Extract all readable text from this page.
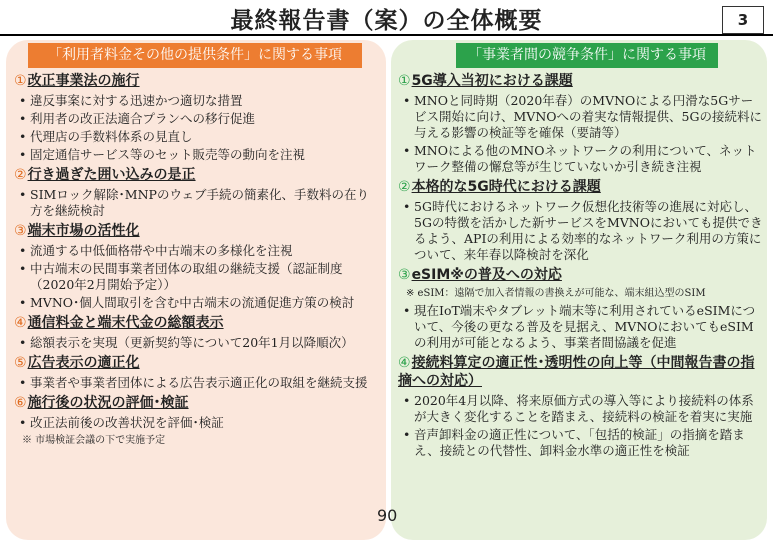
最終報告書（案）の全体概要	3
「利用者料金その他の提供条件」に関する事項	「事業者間の競争条件」に関する事項
①改正事業法の施行
• 違反事案に対する迅速かつ適切な措置
• 利用者の改正法適合プランへの移行促進
• 代理店の手数料体系の見直し
• 固定通信サービス等のセット販売等の動向を注視
②行き過ぎた囲い込みの是正
• SIMロック解除･MNPのウェブ手続の簡素化、手数料の在り方を継続検討
③端末市場の活性化
• 流通する中低価格帯や中古端末の多様化を注視
• 中古端末の民間事業者団体の取組の継続支援（認証制度（2020年2月開始予定））
• MVNO･個人間取引を含む中古端末の流通促進方策の検討
④通信料金と端末代金の総額表示
• 総額表示を実現（更新契約等について20年1月以降順次）
⑤広告表示の適正化
• 事業者や事業者団体による広告表示適正化の取組を継続支援
⑥施行後の状況の評価･検証
• 改正法前後の改善状況を評価･検証
※ 市場検証会議の下で実施予定
①5G導入当初における課題
• MNOと同時期（2020年春）のMVNOによる円滑な5Gサービス開始に向け、MVNOへの着実な情報提供、5Gの接続料に与える影響の検証等を確保（要請等）
• MNOによる他のMNOネットワークの利用について、ネットワーク整備の懈怠等が生じていないか引き続き注視
②本格的な5G時代における課題
• 5G時代におけるネットワーク仮想化技術等の進展に対応し、5Gの特徴を活かした新サービスをMVNOにおいても提供できるよう、APIの利用による効率的なネットワーク利用の方策について、来年春以降検討を深化
③eSIM※の普及への対応
※ eSIM：遠隔で加入者情報の書換えが可能な、端末組込型のSIM
• 現在IoT端末やタブレット端末等に利用されているeSIMについて、今後の更なる普及を見据え、MVNOにおいてもeSIMの利用が可能となるよう、事業者間協議を促進
④接続料算定の適正性･透明性の向上等（中間報告書の指摘への対応）
• 2020年4月以降、将来原価方式の導入等により接続料の体系が大きく変化することを踏まえ、接続料の検証を着実に実施
• 音声卸料金の適正性について、「包括的検証」の指摘を踏まえ、接続との代替性、卸料金水準の適正性を検証
90
